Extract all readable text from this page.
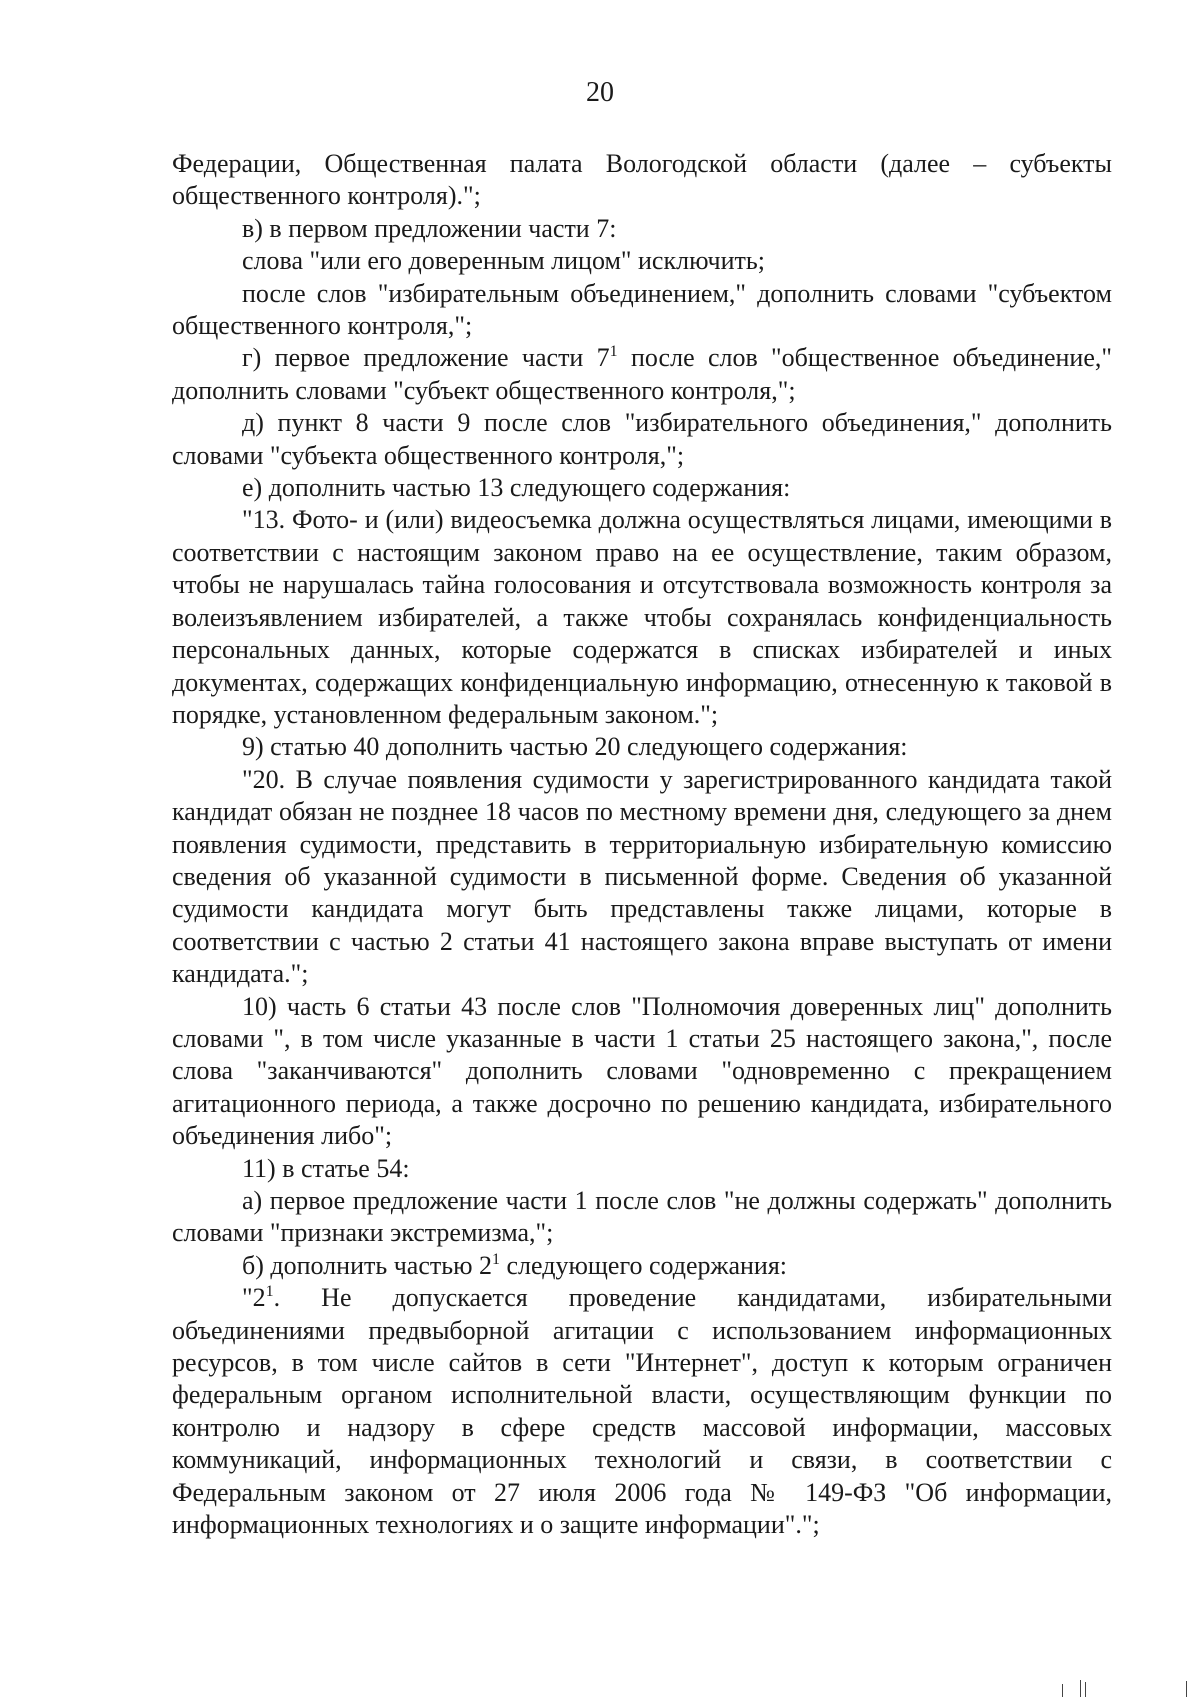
20

Федерации, Общественная палата Вологодской области (далее – субъекты общественного контроля).";

в) в первом предложении части 7:

слова "или его доверенным лицом" исключить;

после слов "избирательным объединением," дополнить словами "субъектом общественного контроля,";

г) первое предложение части $7^1$ после слов "общественное объединение," дополнить словами "субъект общественного контроля,";

д) пункт 8 части 9 после слов "избирательного объединения," дополнить словами "субъекта общественного контроля,";

е) дополнить частью 13 следующего содержания:

"13. Фото- и (или) видеосъемка должна осуществляться лицами, имеющими в соответствии с настоящим законом право на ее осуществление, таким образом, чтобы не нарушалась тайна голосования и отсутствовала возможность контроля за волеизъявлением избирателей, а также чтобы сохранялась конфиденциальность персональных данных, которые содержатся в списках избирателей и иных документах, содержащих конфиденциальную информацию, отнесенную к таковой в порядке, установленном федеральным законом.";

9) статью 40 дополнить частью 20 следующего содержания:

"20. В случае появления судимости у зарегистрированного кандидата такой кандидат обязан не позднее 18 часов по местному времени дня, следующего за днем появления судимости, представить в территориальную избирательную комиссию сведения об указанной судимости в письменной форме. Сведения об указанной судимости кандидата могут быть представлены также лицами, которые в соответствии с частью 2 статьи 41 настоящего закона вправе выступать от имени кандидата.";

10) часть 6 статьи 43 после слов "Полномочия доверенных лиц" дополнить словами ", в том числе указанные в части 1 статьи 25 настоящего закона,", после слова "заканчиваются" дополнить словами "одновременно с прекращением агитационного периода, а также досрочно по решению кандидата, избирательного объединения либо";

11) в статье 54:

а) первое предложение части 1 после слов "не должны содержать" дополнить словами "признаки экстремизма,";

б) дополнить частью $2^1$ следующего содержания:

"$2^1$. Не допускается проведение кандидатами, избирательными объединениями предвыборной агитации с использованием информационных ресурсов, в том числе сайтов в сети "Интернет", доступ к которым ограничен федеральным органом исполнительной власти, осуществляющим функции по контролю и надзору в сфере средств массовой информации, массовых коммуникаций, информационных технологий и связи, в соответствии с Федеральным законом от 27 июля 2006 года № 149-ФЗ "Об информации, информационных технологиях и о защите информации".";
